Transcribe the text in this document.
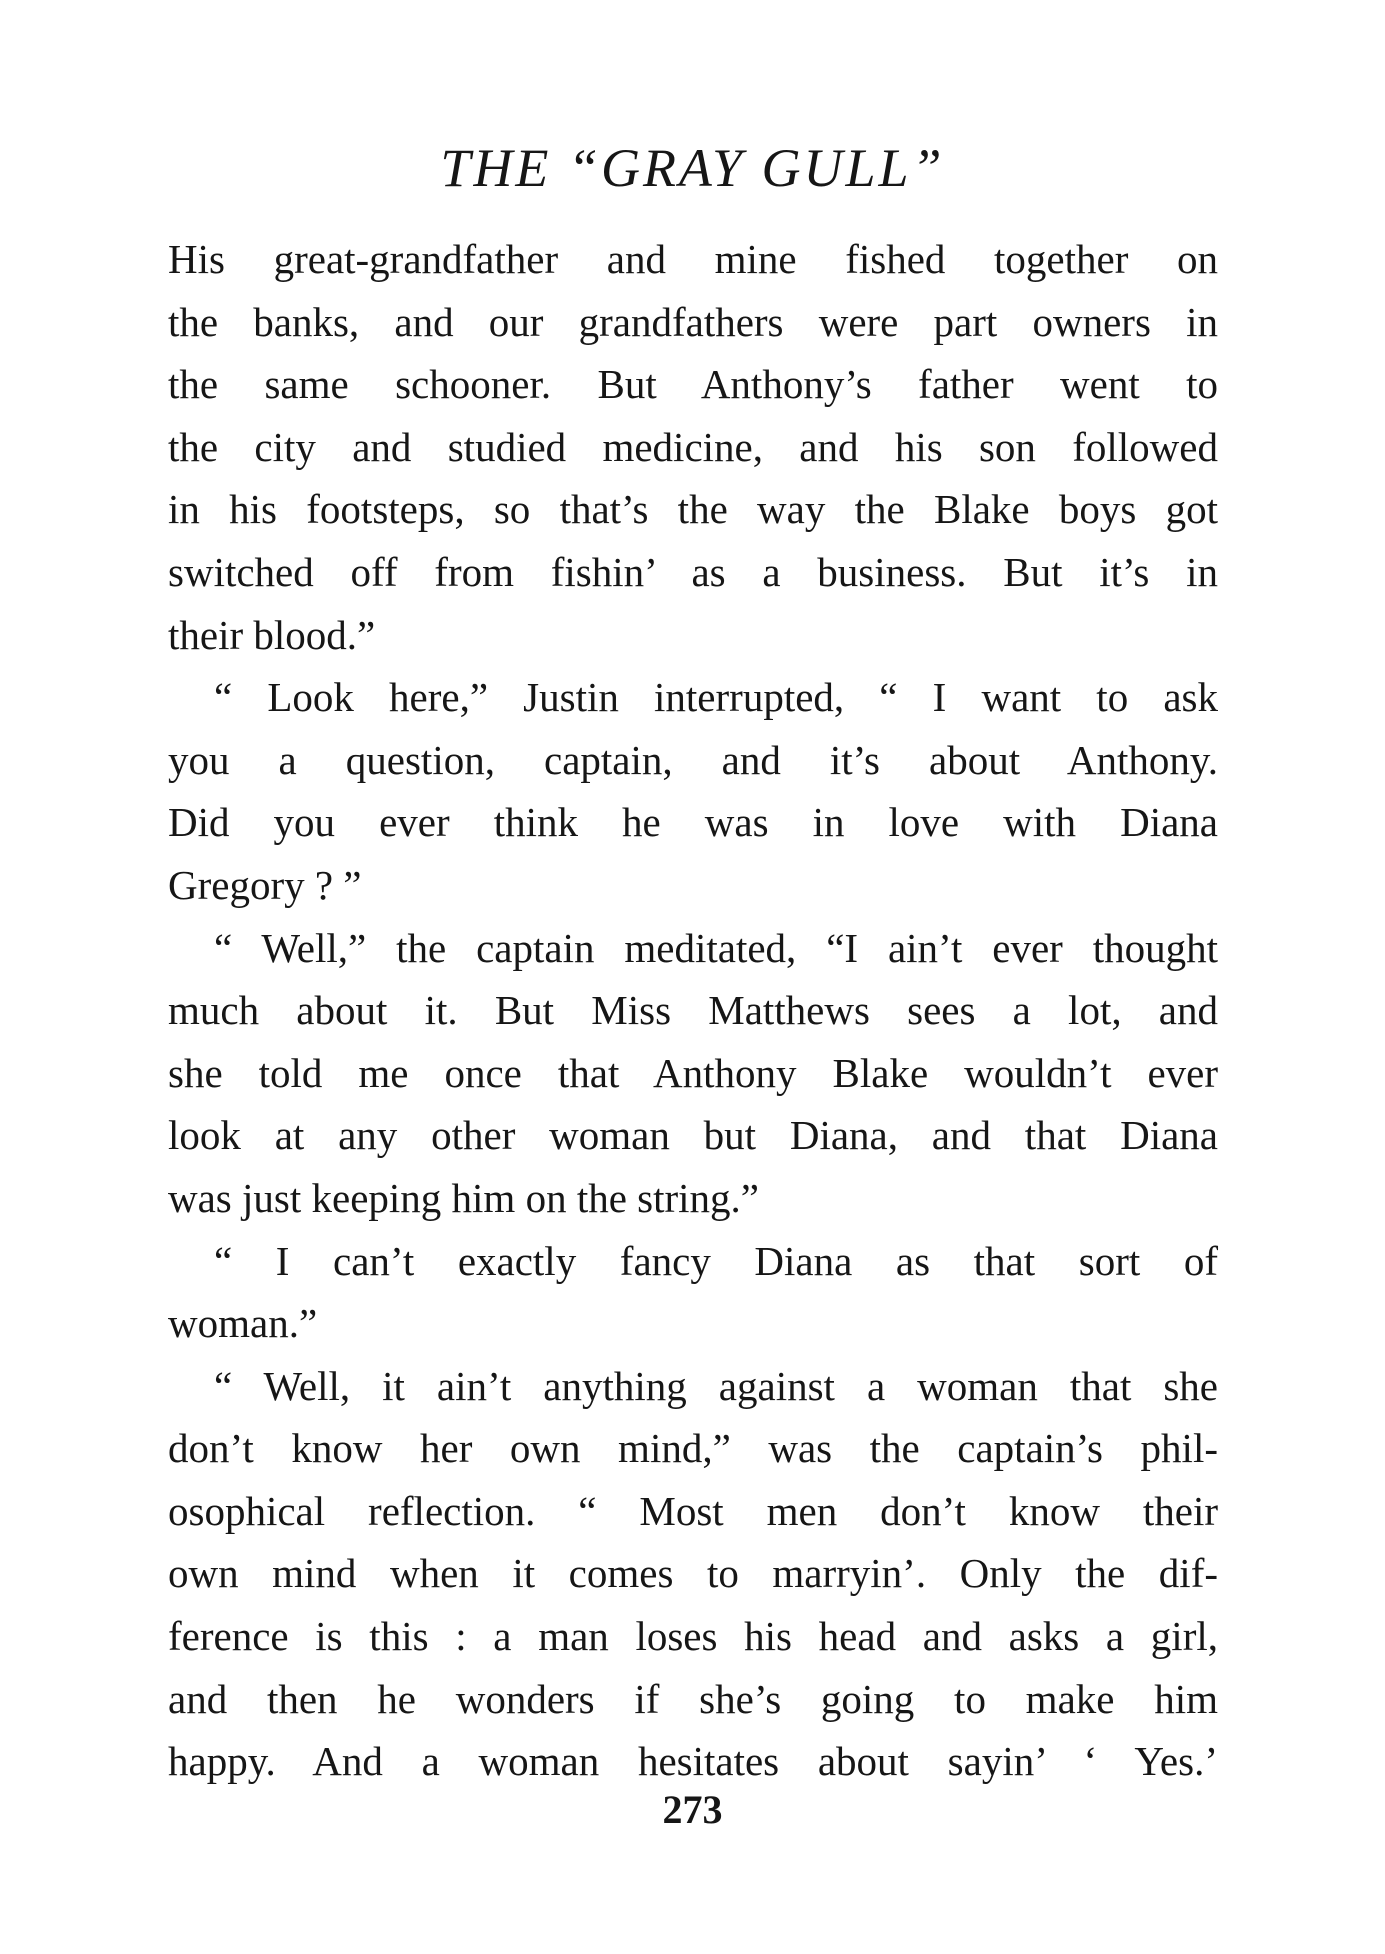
THE “GRAY GULL”
His great-grandfather and mine fished together on
the banks, and our grandfathers were part owners in
the same schooner. But Anthony’s father went to
the city and studied medicine, and his son followed
in his footsteps, so that’s the way the Blake boys got
switched off from fishin’ as a business. But it’s in
their blood.”
“ Look here,” Justin interrupted, “ I want to ask
you a question, captain, and it’s about Anthony.
Did you ever think he was in love with Diana
Gregory ? ”
“ Well,” the captain meditated, “I ain’t ever thought
much about it. But Miss Matthews sees a lot, and
she told me once that Anthony Blake wouldn’t ever
look at any other woman but Diana, and that Diana
was just keeping him on the string.”
“ I can’t exactly fancy Diana as that sort of
woman.”
“ Well, it ain’t anything against a woman that she
don’t know her own mind,” was the captain’s phil-
osophical reflection. “ Most men don’t know their
own mind when it comes to marryin’. Only the dif-
ference is this : a man loses his head and asks a girl,
and then he wonders if she’s going to make him
happy. And a woman hesitates about sayin’ ‘ Yes.’
273
